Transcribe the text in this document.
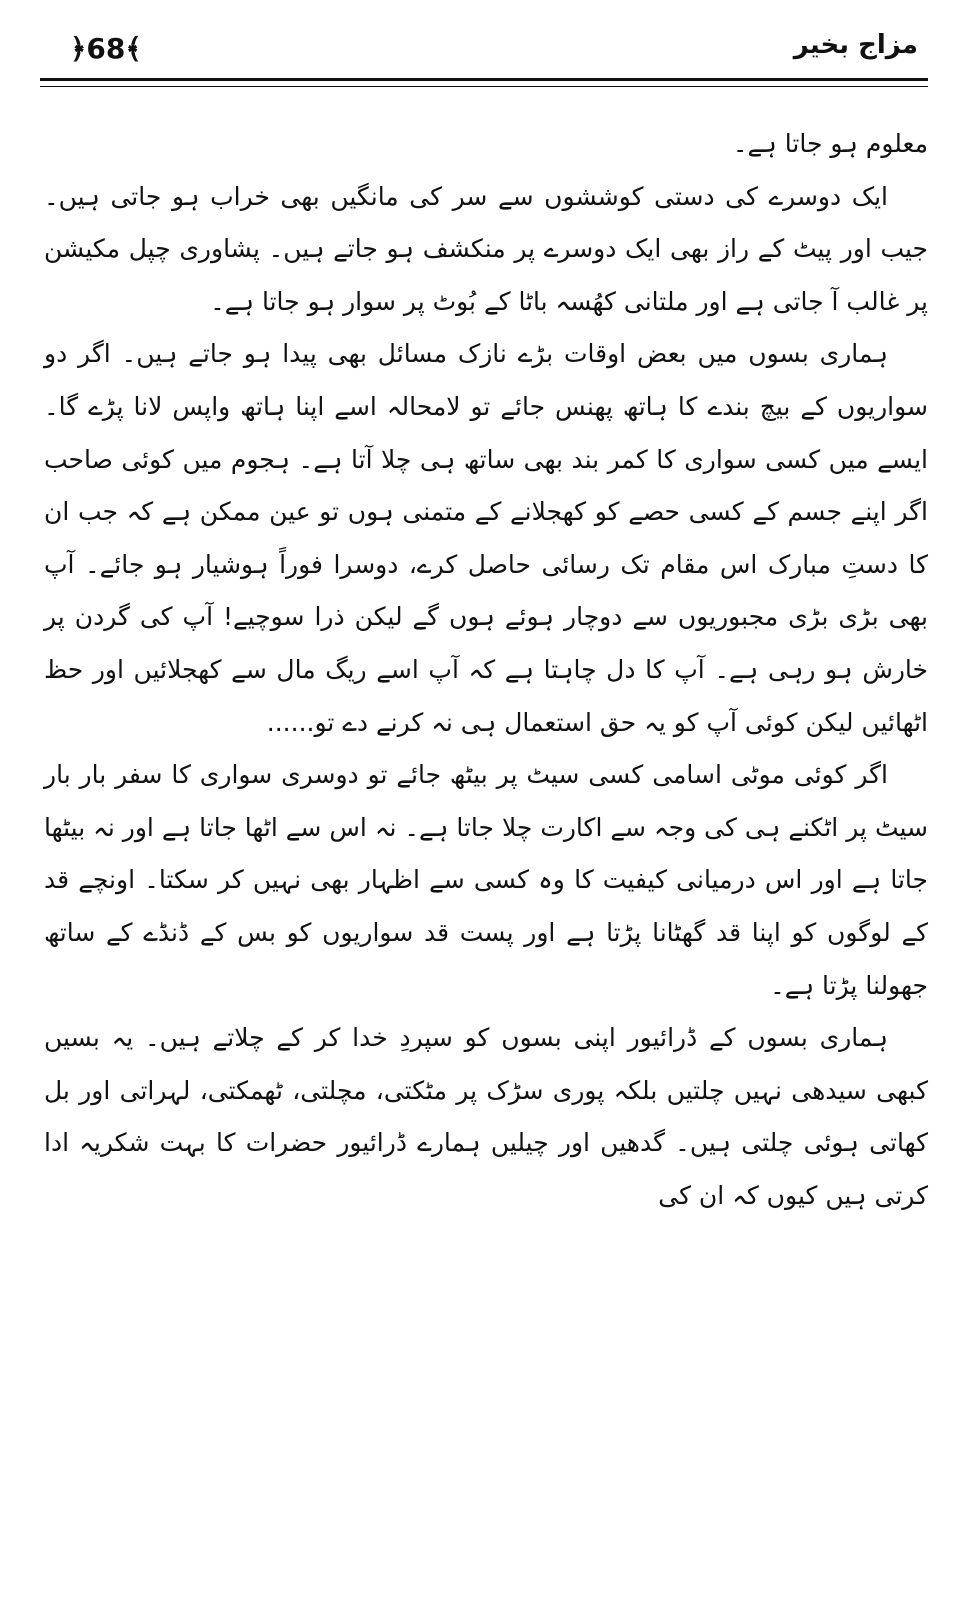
﴿68﴾	مزاج بخیر

معلوم ہو جاتا ہے۔

ایک دوسرے کی دستی کوششوں سے سر کی مانگیں بھی خراب ہو جاتی ہیں۔ جیب اور پیٹ کے راز بھی ایک دوسرے پر منکشف ہو جاتے ہیں۔ پشاوری چپل مکیشن پر غالب آ جاتی ہے اور ملتانی کھُسہ باٹا کے بُوٹ پر سوار ہو جاتا ہے۔

ہماری بسوں میں بعض اوقات بڑے نازک مسائل بھی پیدا ہو جاتے ہیں۔ اگر دو سواریوں کے بیچ بندے کا ہاتھ پھنس جائے تو لامحالہ اسے اپنا ہاتھ واپس لانا پڑے گا۔ ایسے میں کسی سواری کا کمر بند بھی ساتھ ہی چلا آتا ہے۔ ہجوم میں کوئی صاحب اگر اپنے جسم کے کسی حصے کو کھجلانے کے متمنی ہوں تو عین ممکن ہے کہ جب ان کا دستِ مبارک اس مقام تک رسائی حاصل کرے، دوسرا فوراً ہوشیار ہو جائے۔ آپ بھی بڑی بڑی مجبوریوں سے دوچار ہوئے ہوں گے لیکن ذرا سوچیے! آپ کی گردن پر خارش ہو رہی ہے۔ آپ کا دل چاہتا ہے کہ آپ اسے ریگ مال سے کھجلائیں اور حظ اٹھائیں لیکن کوئی آپ کو یہ حق استعمال ہی نہ کرنے دے تو......

اگر کوئی موٹی اسامی کسی سیٹ پر بیٹھ جائے تو دوسری سواری کا سفر بار بار سیٹ پر اٹکنے ہی کی وجہ سے اکارت چلا جاتا ہے۔ نہ اس سے اٹھا جاتا ہے اور نہ بیٹھا جاتا ہے اور اس درمیانی کیفیت کا وہ کسی سے اظہار بھی نہیں کر سکتا۔ اونچے قد کے لوگوں کو اپنا قد گھٹانا پڑتا ہے اور پست قد سواریوں کو بس کے ڈنڈے کے ساتھ جھولنا پڑتا ہے۔

ہماری بسوں کے ڈرائیور اپنی بسوں کو سپردِ خدا کر کے چلاتے ہیں۔ یہ بسیں کبھی سیدھی نہیں چلتیں بلکہ پوری سڑک پر مٹکتی، مچلتی، ٹھمکتی، لہراتی اور بل کھاتی ہوئی چلتی ہیں۔ گدھیں اور چیلیں ہمارے ڈرائیور حضرات کا بہت شکریہ ادا کرتی ہیں کیوں کہ ان کی
